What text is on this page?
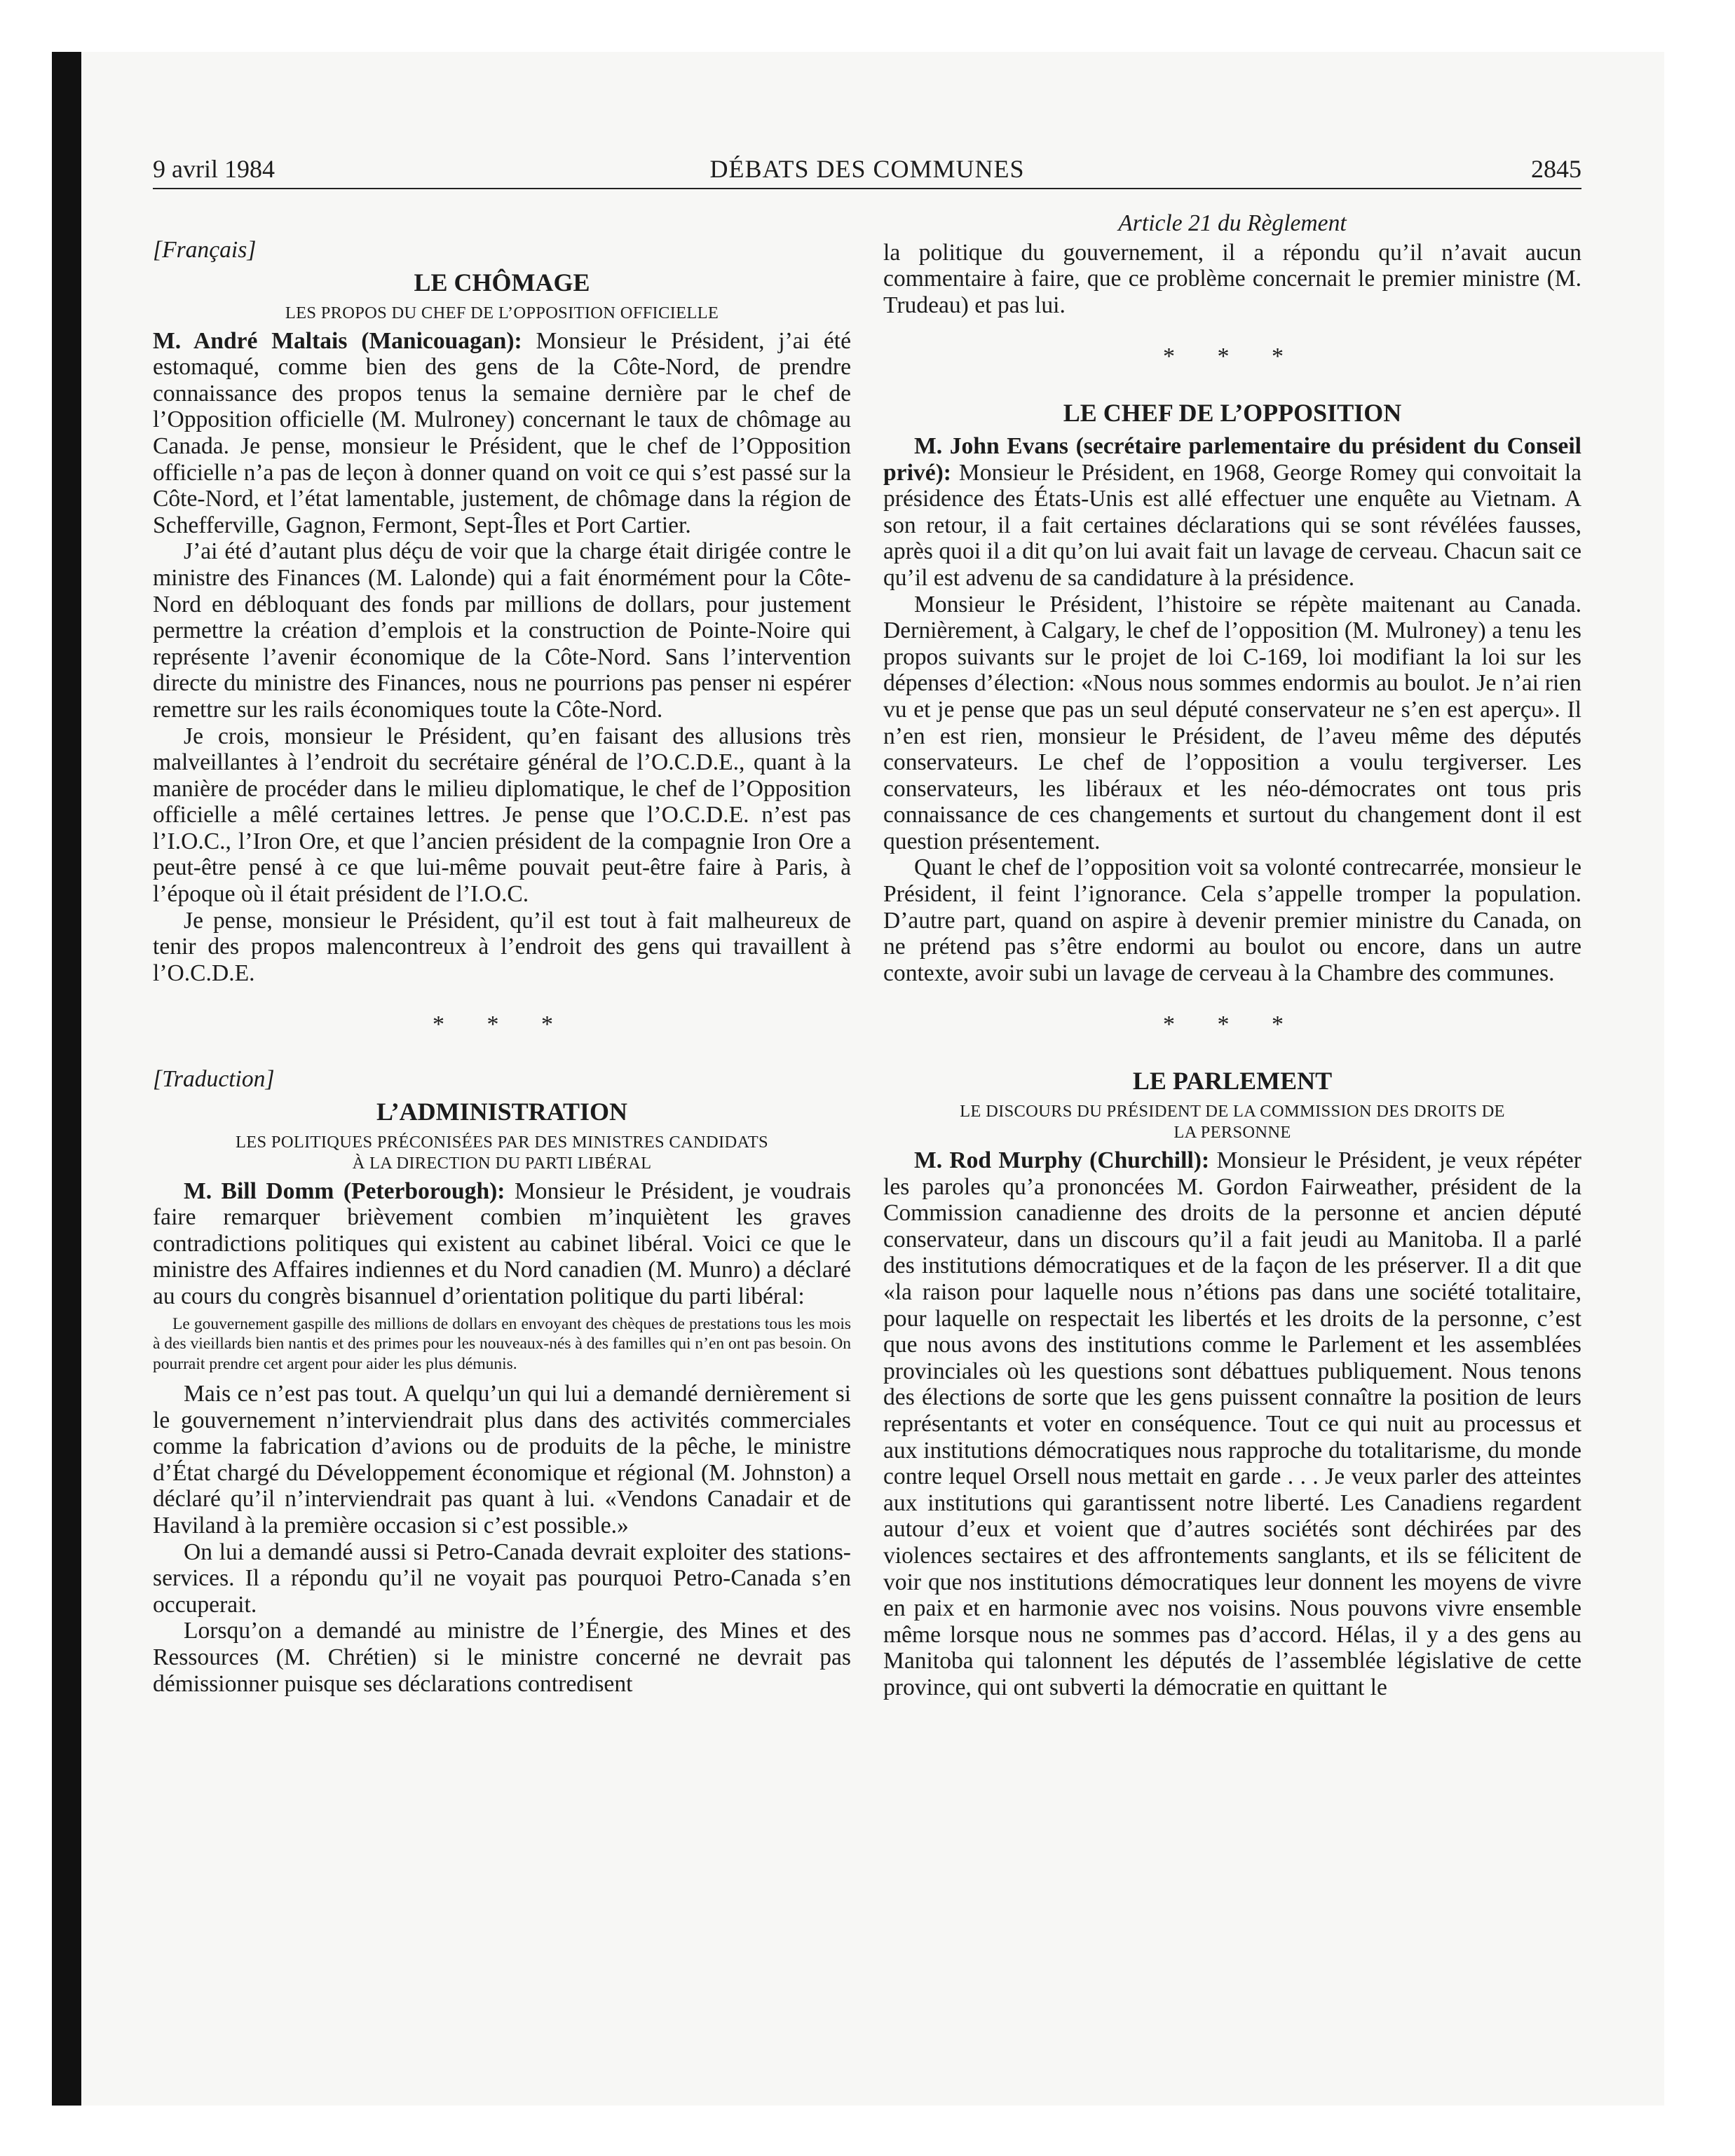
9 avril 1984	DÉBATS DES COMMUNES	2845
[Français]
LE CHÔMAGE
LES PROPOS DU CHEF DE L’OPPOSITION OFFICIELLE

M. André Maltais (Manicouagan): Monsieur le Président, j’ai été estomaqué, comme bien des gens de la Côte-Nord, de prendre connaissance des propos tenus la semaine dernière par le chef de l’Opposition officielle (M. Mulroney) concernant le taux de chômage au Canada. Je pense, monsieur le Président, que le chef de l’Opposition officielle n’a pas de leçon à donner quand on voit ce qui s’est passé sur la Côte-Nord, et l’état lamentable, justement, de chômage dans la région de Schefferville, Gagnon, Fermont, Sept-Îles et Port Cartier.

J’ai été d’autant plus déçu de voir que la charge était dirigée contre le ministre des Finances (M. Lalonde) qui a fait énormément pour la Côte-Nord en débloquant des fonds par millions de dollars, pour justement permettre la création d’emplois et la construction de Pointe-Noire qui représente l’avenir économique de la Côte-Nord. Sans l’intervention directe du ministre des Finances, nous ne pourrions pas penser ni espérer remettre sur les rails économiques toute la Côte-Nord.

Je crois, monsieur le Président, qu’en faisant des allusions très malveillantes à l’endroit du secrétaire général de l’O.C.D.E., quant à la manière de procéder dans le milieu diplomatique, le chef de l’Opposition officielle a mêlé certaines lettres. Je pense que l’O.C.D.E. n’est pas l’I.O.C., l’Iron Ore, et que l’ancien président de la compagnie Iron Ore a peut-être pensé à ce que lui-même pouvait peut-être faire à Paris, à l’époque où il était président de l’I.O.C.

Je pense, monsieur le Président, qu’il est tout à fait malheureux de tenir des propos malencontreux à l’endroit des gens qui travaillent à l’O.C.D.E.

* * *
[Traduction]
L’ADMINISTRATION
LES POLITIQUES PRÉCONISÉES PAR DES MINISTRES CANDIDATS
À LA DIRECTION DU PARTI LIBÉRAL

M. Bill Domm (Peterborough): Monsieur le Président, je voudrais faire remarquer brièvement combien m’inquiètent les graves contradictions politiques qui existent au cabinet libéral. Voici ce que le ministre des Affaires indiennes et du Nord canadien (M. Munro) a déclaré au cours du congrès bisannuel d’orientation politique du parti libéral:

Le gouvernement gaspille des millions de dollars en envoyant des chèques de prestations tous les mois à des vieillards bien nantis et des primes pour les nouveaux-nés à des familles qui n’en ont pas besoin. On pourrait prendre cet argent pour aider les plus démunis.

Mais ce n’est pas tout. A quelqu’un qui lui a demandé dernièrement si le gouvernement n’interviendrait plus dans des activités commerciales comme la fabrication d’avions ou de produits de la pêche, le ministre d’État chargé du Développement économique et régional (M. Johnston) a déclaré qu’il n’interviendrait pas quant à lui. «Vendons Canadair et de Haviland à la première occasion si c’est possible.»

On lui a demandé aussi si Petro-Canada devrait exploiter des stations-services. Il a répondu qu’il ne voyait pas pourquoi Petro-Canada s’en occuperait.

Lorsqu’on a demandé au ministre de l’Énergie, des Mines et des Ressources (M. Chrétien) si le ministre concerné ne devrait pas démissionner puisque ses déclarations contredisent

Article 21 du Règlement

la politique du gouvernement, il a répondu qu’il n’avait aucun commentaire à faire, que ce problème concernait le premier ministre (M. Trudeau) et pas lui.

* * *
LE CHEF DE L’OPPOSITION

M. John Evans (secrétaire parlementaire du président du Conseil privé): Monsieur le Président, en 1968, George Romey qui convoitait la présidence des États-Unis est allé effectuer une enquête au Vietnam. A son retour, il a fait certaines déclarations qui se sont révélées fausses, après quoi il a dit qu’on lui avait fait un lavage de cerveau. Chacun sait ce qu’il est advenu de sa candidature à la présidence.

Monsieur le Président, l’histoire se répète maitenant au Canada. Dernièrement, à Calgary, le chef de l’opposition (M. Mulroney) a tenu les propos suivants sur le projet de loi C-169, loi modifiant la loi sur les dépenses d’élection: «Nous nous sommes endormis au boulot. Je n’ai rien vu et je pense que pas un seul député conservateur ne s’en est aperçu». Il n’en est rien, monsieur le Président, de l’aveu même des députés conservateurs. Le chef de l’opposition a voulu tergiverser. Les conservateurs, les libéraux et les néo-démocrates ont tous pris connaissance de ces changements et surtout du changement dont il est question présentement.

Quant le chef de l’opposition voit sa volonté contrecarrée, monsieur le Président, il feint l’ignorance. Cela s’appelle tromper la population. D’autre part, quand on aspire à devenir premier ministre du Canada, on ne prétend pas s’être endormi au boulot ou encore, dans un autre contexte, avoir subi un lavage de cerveau à la Chambre des communes.

* * *
LE PARLEMENT
LE DISCOURS DU PRÉSIDENT DE LA COMMISSION DES DROITS DE
LA PERSONNE

M. Rod Murphy (Churchill): Monsieur le Président, je veux répéter les paroles qu’a prononcées M. Gordon Fairweather, président de la Commission canadienne des droits de la personne et ancien député conservateur, dans un discours qu’il a fait jeudi au Manitoba. Il a parlé des institutions démocratiques et de la façon de les préserver. Il a dit que «la raison pour laquelle nous n’étions pas dans une société totalitaire, pour laquelle on respectait les libertés et les droits de la personne, c’est que nous avons des institutions comme le Parlement et les assemblées provinciales où les questions sont débattues publiquement. Nous tenons des élections de sorte que les gens puissent connaître la position de leurs représentants et voter en conséquence. Tout ce qui nuit au processus et aux institutions démocratiques nous rapproche du totalitarisme, du monde contre lequel Orsell nous mettait en garde . . . Je veux parler des atteintes aux institutions qui garantissent notre liberté. Les Canadiens regardent autour d’eux et voient que d’autres sociétés sont déchirées par des violences sectaires et des affrontements sanglants, et ils se félicitent de voir que nos institutions démocratiques leur donnent les moyens de vivre en paix et en harmonie avec nos voisins. Nous pouvons vivre ensemble même lorsque nous ne sommes pas d’accord. Hélas, il y a des gens au Manitoba qui talonnent les députés de l’assemblée législative de cette province, qui ont subverti la démocratie en quittant le
